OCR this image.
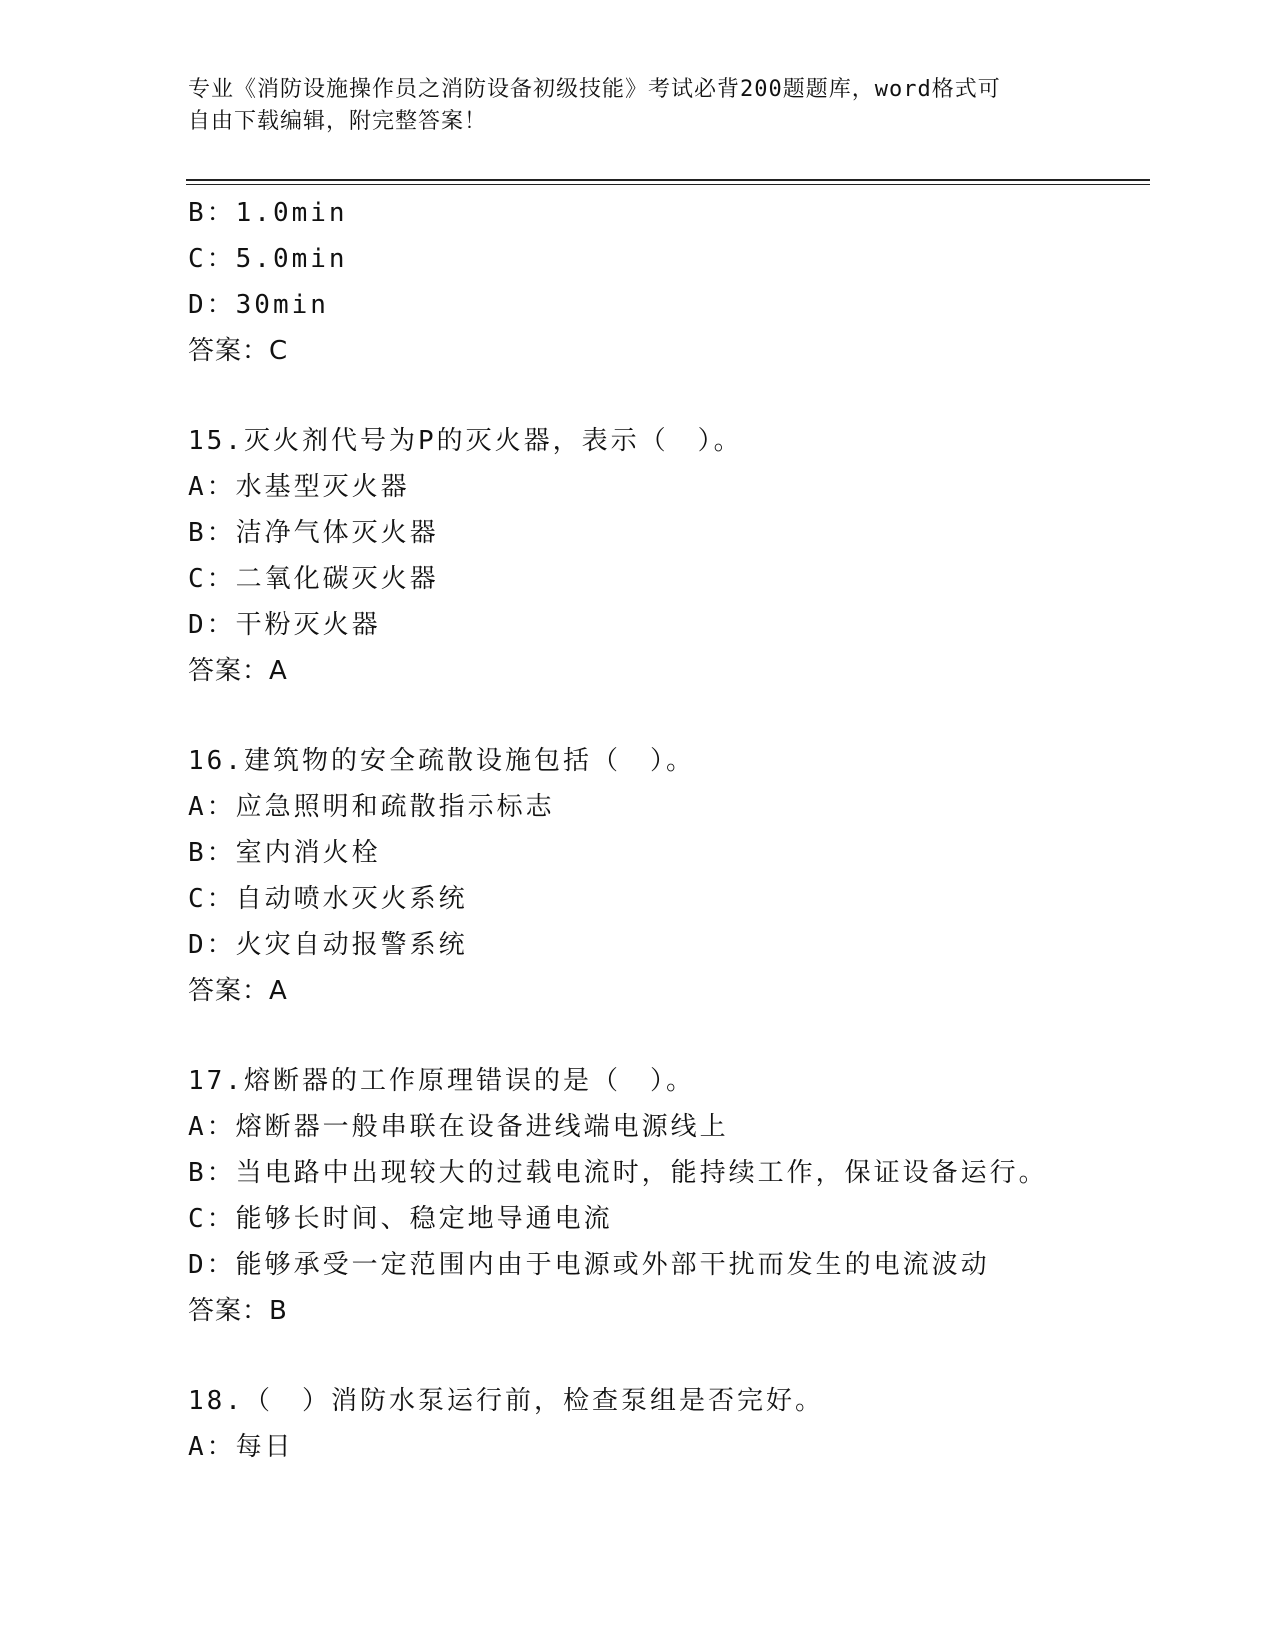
专业《消防设施操作员之消防设备初级技能》考试必背200题题库，word格式可
自由下载编辑，附完整答案！
B：1.0min
C：5.0min
D：30min
答案：C
15.灭火剂代号为P的灭火器，表示（　）。
A：水基型灭火器
B：洁净气体灭火器
C：二氧化碳灭火器
D：干粉灭火器
答案：A
16.建筑物的安全疏散设施包括（　）。
A：应急照明和疏散指示标志
B：室内消火栓
C：自动喷水灭火系统
D：火灾自动报警系统
答案：A
17.熔断器的工作原理错误的是（　）。
A：熔断器一般串联在设备进线端电源线上
B：当电路中出现较大的过载电流时，能持续工作，保证设备运行。
C：能够长时间、稳定地导通电流
D：能够承受一定范围内由于电源或外部干扰而发生的电流波动
答案：B
18.（　）消防水泵运行前，检查泵组是否完好。
A：每日
